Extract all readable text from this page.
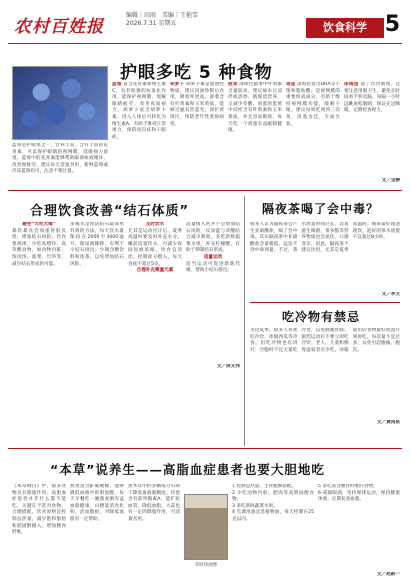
农村百姓报
编辑｜田雨　美编｜王艳雪
2026.7.31 星期五	饮食科学 5
护眼多吃 5 种食物
蓝莓是护眼果之一，营养丰富，含有丰富的花青素，可以保护眼睛的视网膜，延缓视力衰退。蓝莓中的花青素能够帮助眼部血液循环，改善视疲劳。建议每天适量食用，新鲜蓝莓或冷冻蓝莓均可，注意不要过量。
蓝莓 富含花青素和维生素C，具有很强的抗氧化作用，能保护视网膜，缓解眼睛疲劳，改善夜间视力。胡萝卜富含胡萝卜素，进入人体后可转化为维生素A，有助于维持正常视力，预防夜盲症和干眼症。
胡萝卜 胡萝卜素是脂溶性物质，建议用油炒制后食用，吸收率更高。菠菜含有叶黄素和玉米黄质，能够过滤有害蓝光，保护黄斑区，预防老年性黄斑病变。
菠菜 深绿色蔬菜中叶黄素含量较高，建议焯水后凉拌或清炒，既保留营养，又减少草酸。鸡蛋的蛋黄中同样含有叶黄素和玉米黄质，并且容易吸收，每天吃一个鸡蛋有益眼睛健康。
鸡蛋 深海鱼富含DHA等不饱和脂肪酸，是视网膜的重要组成成分，有助于维持视网膜功能，缓解干眼。建议每周吃两到三次鱼，清蒸为佳，少油少盐。
深海鱼 除了饮食调理，还要注意用眼卫生，避免长时间看手机电脑，每隔一小时远眺放松眼睛，保证充足睡眠，定期检查视力。
文／宝静
合理饮食改善“结石体质”
避免“大吃大喝”
暴饮暴食会加重肾脏负担，增加结石风险。饮食要规律，少吃高嘌呤、高草酸食物，如动物内脏、浓肉汤、菠菜、竹笋等，减少结石形成的可能。
多喝水是预防结石最简单有效的方法，每天饮水量保持在2000至3000毫升，使尿液稀释，有利于小结石排出。少喝含糖饮料和浓茶，以免增加结石风险。
及时饮水
尤其是运动出汗后、夏季高温时要及时补充水分。睡前适量饮水，可减少夜间尿液浓缩。饮食宜清淡，控制盐分摄入，每天食盐不超过5克。
合理补充微量元素
适量摄入钙并不会增加结石风险，反而能与草酸结合减少吸收。多吃新鲜蔬菜水果，补充柠檬酸，有助于抑制结石形成。
适量运动
适当运动可促进新陈代谢，帮助小结石排出。
文／陈文伟
隔夜茶喝了会中毒？
很多人认为隔夜茶会产生亚硝酸盐，喝了会中毒。其实隔夜茶中亚硝酸盐含量极低，远达不到中毒剂量。不过，茶水放置时间过长，容易滋生细菌，茶多酚等营养物质也会氧化，口感变差。因此，隔夜茶不建议饮用，尤其是夏季高温时。喝茶最好现泡现饮，泡好的茶水放置不宜超过8小时。
文／李文
吃冷物有禁忌
炎热夏季，很多人喜欢吃冷饮、冰镇西瓜等冷食。但吃冷物也有讲究：空腹时不宜大量吃冷食，以免刺激胃肠；剧烈运动后不要立即吃冷饮；老人、儿童和脾胃虚弱者应少吃。冰箱取出的食物最好放置片刻再吃，每次量不宜过多，以免引起腹痛、腹泻。
文／黄鸿泉
“本草”说养生——高脂血症患者也要大胆地吃
《本草纲目》中，很多食物具有降脂作用。高脂血症患者并非什么都不能吃，关键在于选对食物、合理搭配。饮食原则是控制总热量，减少饱和脂肪和胆固醇摄入，增加膳食纤维。
燕麦富含β-葡聚糖，能够降低血液中的胆固醇，每天早餐吃一碗燕麦粥有益血脂健康。山楂能消食化积、活血散瘀，对降低血脂有一定帮助。
黑木耳中的多糖成分有助于降低血液黏稠度。洋葱含有前列腺素A，能扩张血管、降低血脂。大蒜也有一定的降脂作用，可适量食用。
李时珍画像
1 控制总热量，主食粗细搭配。
2 少吃动物内脏、肥肉等高胆固醇食物。
3 多吃新鲜蔬菜水果。
4 烹调用油宜选植物油，每天控制在25克以内。
5 多吃富含膳食纤维的食物。
6 戒烟限酒，坚持规律运动，保持健康体重，定期复查血脂。
文／赵新一
